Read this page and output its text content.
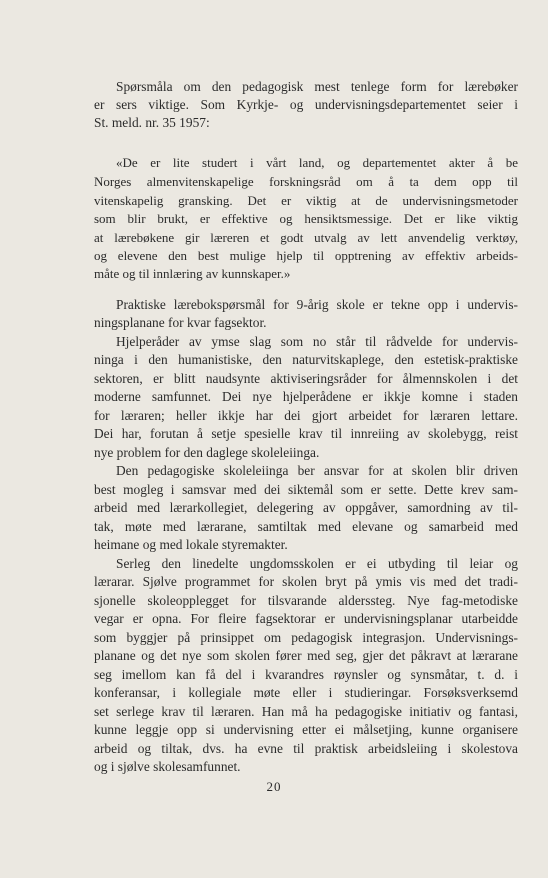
Spørsmåla om den pedagogisk mest tenlege form for lærebøker
er sers viktige. Som Kyrkje- og undervisningsdepartementet seier i
St. meld. nr. 35 1957:
«De er lite studert i vårt land, og departementet akter å be
Norges almenvitenskapelige forskningsråd om å ta dem opp til
vitenskapelig gransking. Det er viktig at de undervisningsmetoder
som blir brukt, er effektive og hensiktsmessige. Det er like viktig
at lærebøkene gir læreren et godt utvalg av lett anvendelig verktøy,
og elevene den best mulige hjelp til opptrening av effektiv arbeids-
måte og til innlæring av kunnskaper.»
Praktiske lærebokspørsmål for 9-årig skole er tekne opp i undervis-
ningsplanane for kvar fagsektor.
Hjelperåder av ymse slag som no står til rådvelde for undervis-
ninga i den humanistiske, den naturvitskaplege, den estetisk-praktiske
sektoren, er blitt naudsynte aktiviseringsråder for ålmennskolen i det
moderne samfunnet. Dei nye hjelperådene er ikkje komne i staden
for læraren; heller ikkje har dei gjort arbeidet for læraren lettare.
Dei har, forutan å setje spesielle krav til innreiing av skolebygg, reist
nye problem for den daglege skoleleiinga.
Den pedagogiske skoleleiinga ber ansvar for at skolen blir driven
best mogleg i samsvar med dei siktemål som er sette. Dette krev sam-
arbeid med lærarkollegiet, delegering av oppgåver, samordning av til-
tak, møte med lærarane, samtiltak med elevane og samarbeid med
heimane og med lokale styremakter.
Serleg den linedelte ungdomsskolen er ei utbyding til leiar og
lærarar. Sjølve programmet for skolen bryt på ymis vis med det tradi-
sjonelle skoleopplegget for tilsvarande alderssteg. Nye fag-metodiske
vegar er opna. For fleire fagsektorar er undervisningsplanar utarbeidde
som byggjer på prinsippet om pedagogisk integrasjon. Undervisnings-
planane og det nye som skolen fører med seg, gjer det påkravt at lærarane
seg imellom kan få del i kvarandres røynsler og synsmåtar, t. d. i
konferansar, i kollegiale møte eller i studieringar. Forsøksverksemd
set serlege krav til læraren. Han må ha pedagogiske initiativ og fantasi,
kunne leggje opp si undervisning etter ei målsetjing, kunne organisere
arbeid og tiltak, dvs. ha evne til praktisk arbeidsleiing i skolestova
og i sjølve skolesamfunnet.
20
